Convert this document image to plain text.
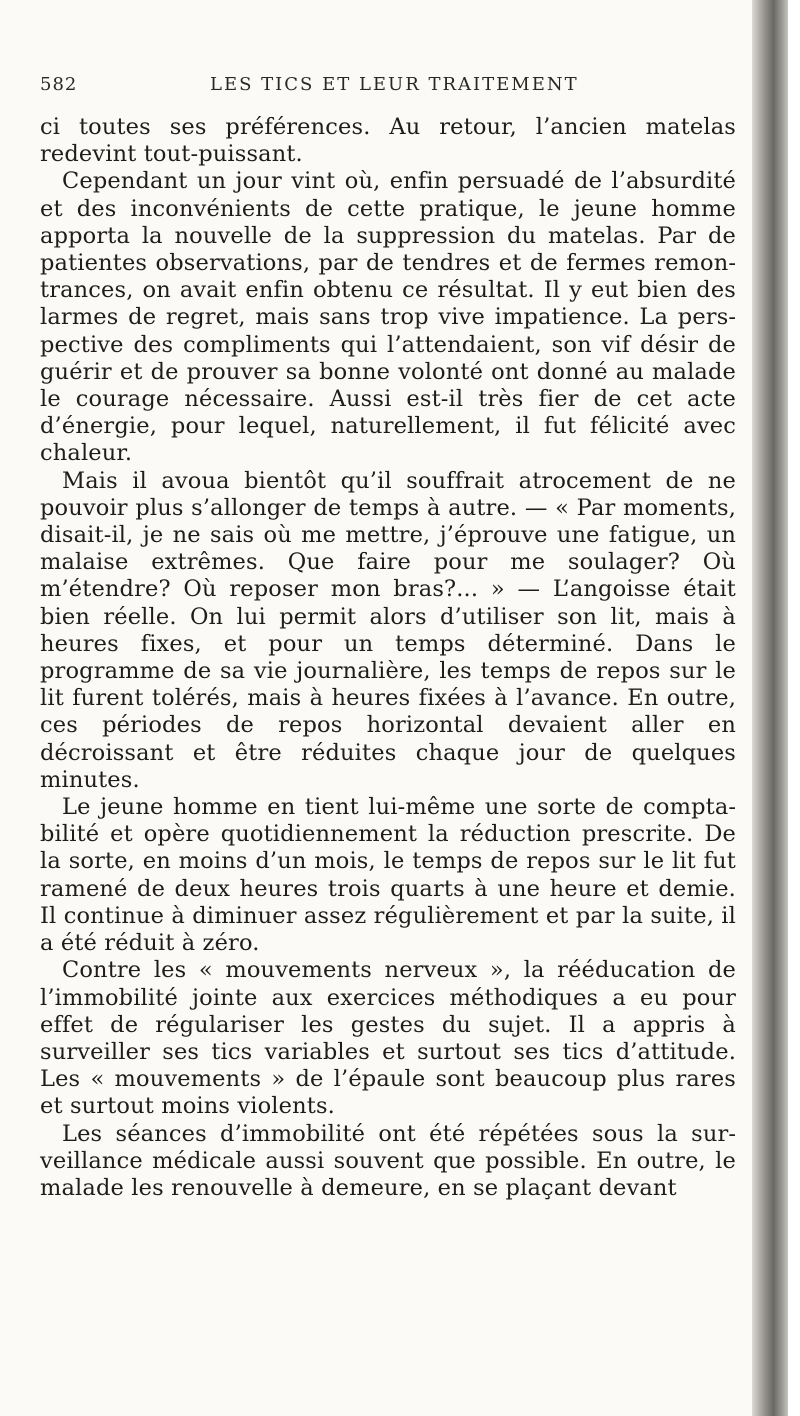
582	LES TICS ET LEUR TRAITEMENT

ci toutes ses préférences. Au retour, l’ancien matelas redevint tout-puissant.

Cependant un jour vint où, enfin persuadé de l’absurdité et des inconvénients de cette pratique, le jeune homme apporta la nouvelle de la suppression du matelas. Par de patientes observations, par de tendres et de fermes remontrances, on avait enfin obtenu ce résultat. Il y eut bien des larmes de regret, mais sans trop vive impatience. La perspective des compliments qui l’attendaient, son vif désir de guérir et de prouver sa bonne volonté ont donné au malade le courage nécessaire. Aussi est-il très fier de cet acte d’énergie, pour lequel, naturellement, il fut félicité avec chaleur.

Mais il avoua bientôt qu’il souffrait atrocement de ne pouvoir plus s’allonger de temps à autre. — « Par moments, disait-il, je ne sais où me mettre, j’éprouve une fatigue, un malaise extrêmes. Que faire pour me soulager? Où m’étendre? Où reposer mon bras?... » — L’angoisse était bien réelle. On lui permit alors d’utiliser son lit, mais à heures fixes, et pour un temps déterminé. Dans le programme de sa vie journalière, les temps de repos sur le lit furent tolérés, mais à heures fixées à l’avance. En outre, ces périodes de repos horizontal devaient aller en décroissant et être réduites chaque jour de quelques minutes.

Le jeune homme en tient lui-même une sorte de comptabilité et opère quotidiennement la réduction prescrite. De la sorte, en moins d’un mois, le temps de repos sur le lit fut ramené de deux heures trois quarts à une heure et demie. Il continue à diminuer assez régulièrement et par la suite, il a été réduit à zéro.

Contre les « mouvements nerveux », la rééducation de l’immobilité jointe aux exercices méthodiques a eu pour effet de régulariser les gestes du sujet. Il a appris à surveiller ses tics variables et surtout ses tics d’attitude. Les « mouvements » de l’épaule sont beaucoup plus rares et surtout moins violents.

Les séances d’immobilité ont été répétées sous la surveillance médicale aussi souvent que possible. En outre, le malade les renouvelle à demeure, en se plaçant devant
